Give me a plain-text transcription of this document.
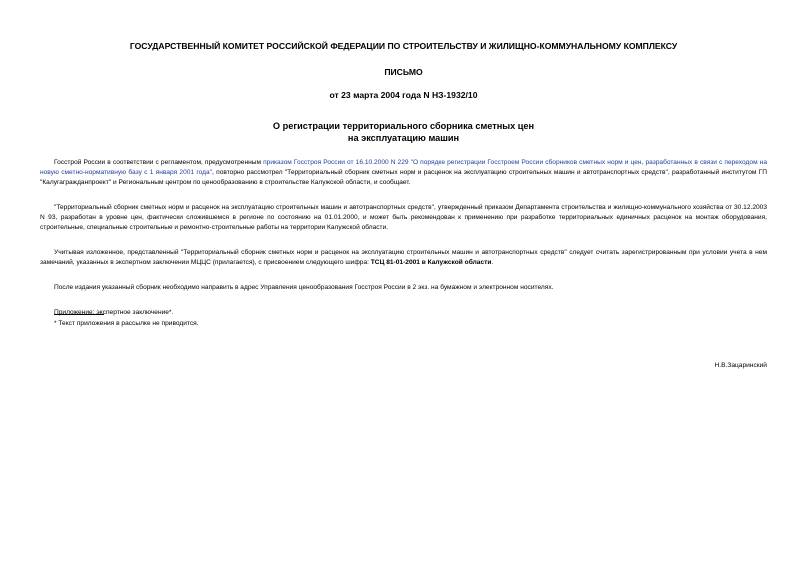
ГОСУДАРСТВЕННЫЙ КОМИТЕТ РОССИЙСКОЙ ФЕДЕРАЦИИ ПО СТРОИТЕЛЬСТВУ И ЖИЛИЩНО-КОММУНАЛЬНОМУ КОМПЛЕКСУ
ПИСЬМО
от 23 марта 2004 года N НЗ-1932/10
О регистрации территориального сборника сметных цен
на эксплуатацию машин

Госстрой России в соответствии с регламентом, предусмотренным приказом Госстроя России от 16.10.2000 N 229 "О порядке регистрации Госстроем России сборников сметных норм и цен, разработанных в связи с переходом на новую сметно-нормативную базу с 1 января 2001 года", повторно рассмотрел "Территориальный сборник сметных норм и расценок на эксплуатацию строительных машин и автотранспортных средств", разработанный институтом ГП "Калугагражданпроект" и Региональным центром по ценообразованию в строительстве Калужской области, и сообщает.

"Территориальный сборник сметных норм и расценок на эксплуатацию строительных машин и автотранспортных средств", утвержденный приказом Департамента строительства и жилищно-коммунального хозяйства от 30.12.2003 N 93, разработан в уровне цен, фактически сложившемся в регионе по состоянию на 01.01.2000, и может быть рекомендован к применению при разработке территориальных единичных расценок на монтаж оборудования, строительные, специальные строительные и ремонтно-строительные работы на территории Калужской области.

Учитывая изложенное, представленный "Территориальный сборник сметных норм и расценок на эксплуатацию строительных машин и автотранспортных средств" следует считать зарегистрированным при условии учета в нем замечаний, указанных в экспертном заключении МЦЦС (прилагается), с присвоением следующего шифра: ТСЦ 81-01-2001 в Калужской области.

После издания указанный сборник необходимо направить в адрес Управления ценообразования Госстроя России в 2 экз. на бумажном и электронном носителях.

Приложение: экспертное заключение*.

* Текст приложения в рассылке не приводится.
Н.В.Зацаринский
